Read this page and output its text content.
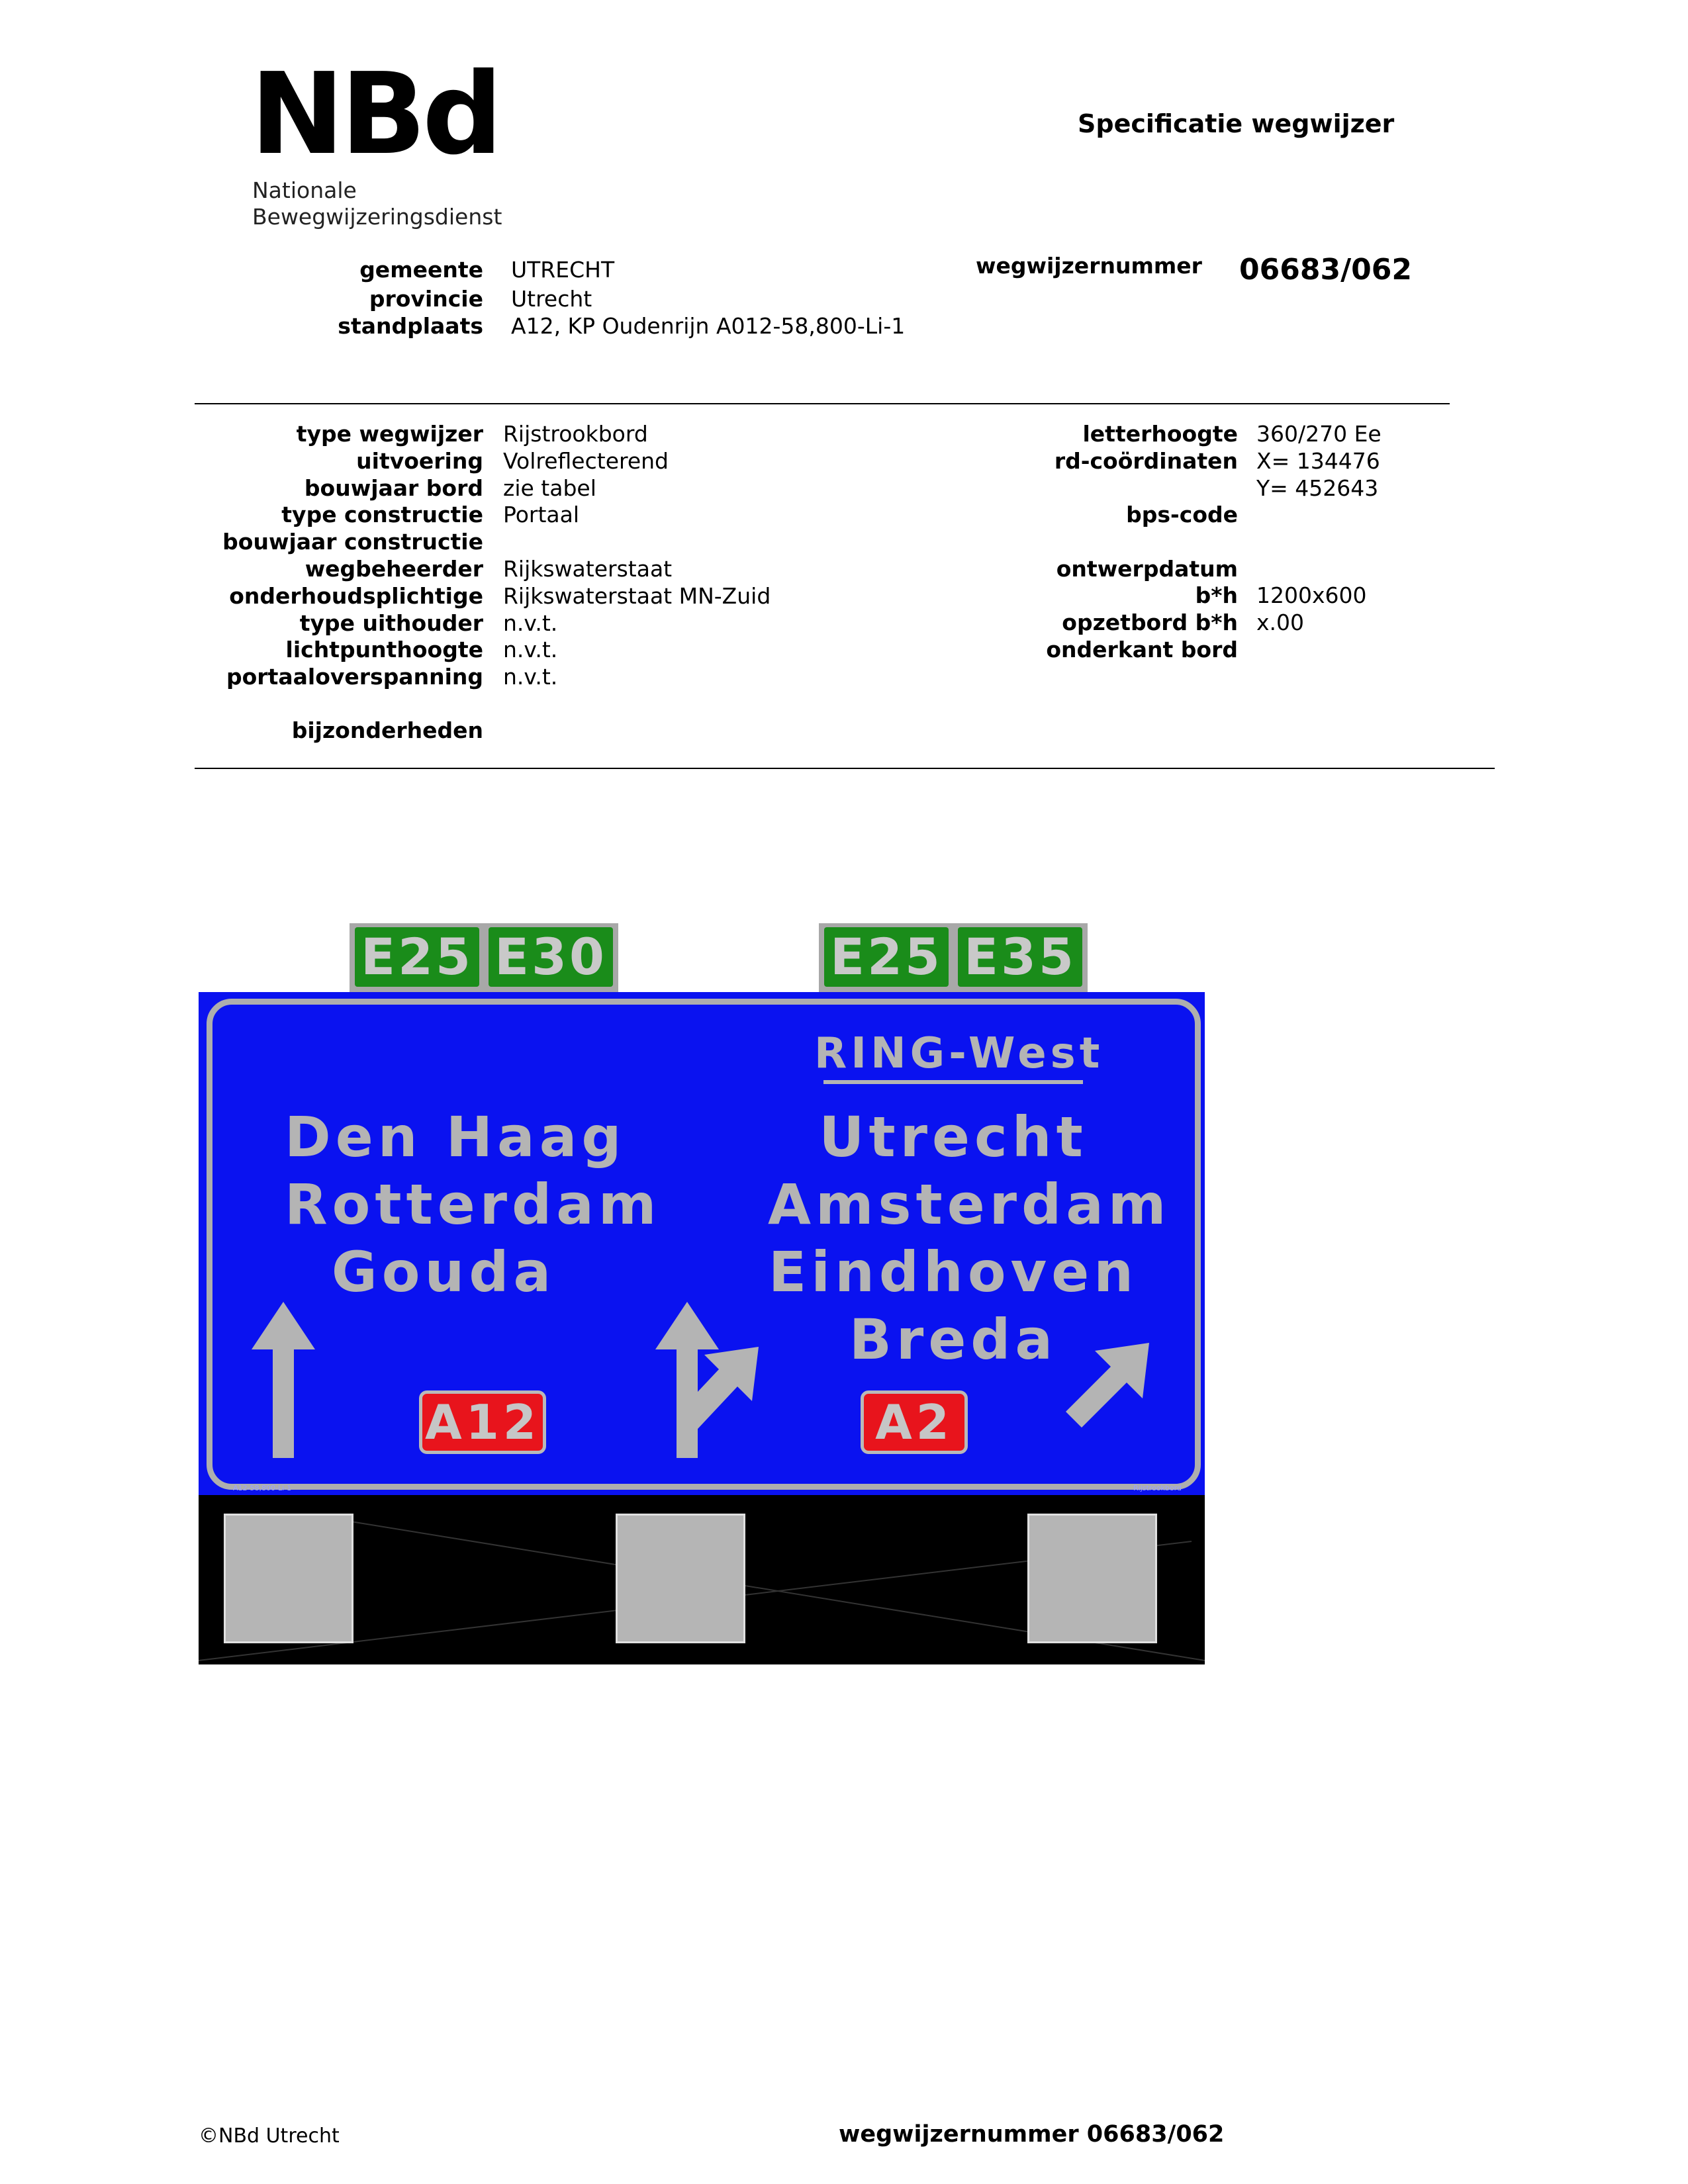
NBd
Nationale
Bewegwijzeringsdienst
Specificatie wegwijzer
gemeente UTRECHT
provincie Utrecht
standplaats A12, KP Oudenrijn A012-58,800-Li-1
wegwijzernummer 06683/062
type wegwijzer Rijstrookbord
uitvoering Volreflecterend
bouwjaar bord zie tabel
type constructie Portaal
bouwjaar constructie
wegbeheerder Rijkswaterstaat
onderhoudsplichtige Rijkswaterstaat MN-Zuid
type uithouder n.v.t.
lichtpunthoogte n.v.t.
portaaloverspanning n.v.t.
bijzonderheden
letterhoogte 360/270 Ee
rd-coördinaten X= 134476
Y= 452643
bps-code
ontwerpdatum
b*h 1200x600
opzetbord b*h x.00
onderkant bord
E25 E30	E25 E35
RING-West
Den Haag
Rotterdam
Gouda
Utrecht
Amsterdam
Eindhoven
Breda
A12	A2
A12-58,800-Li-1	Rijstrookbord
©NBd Utrecht	wegwijzernummer 06683/062
